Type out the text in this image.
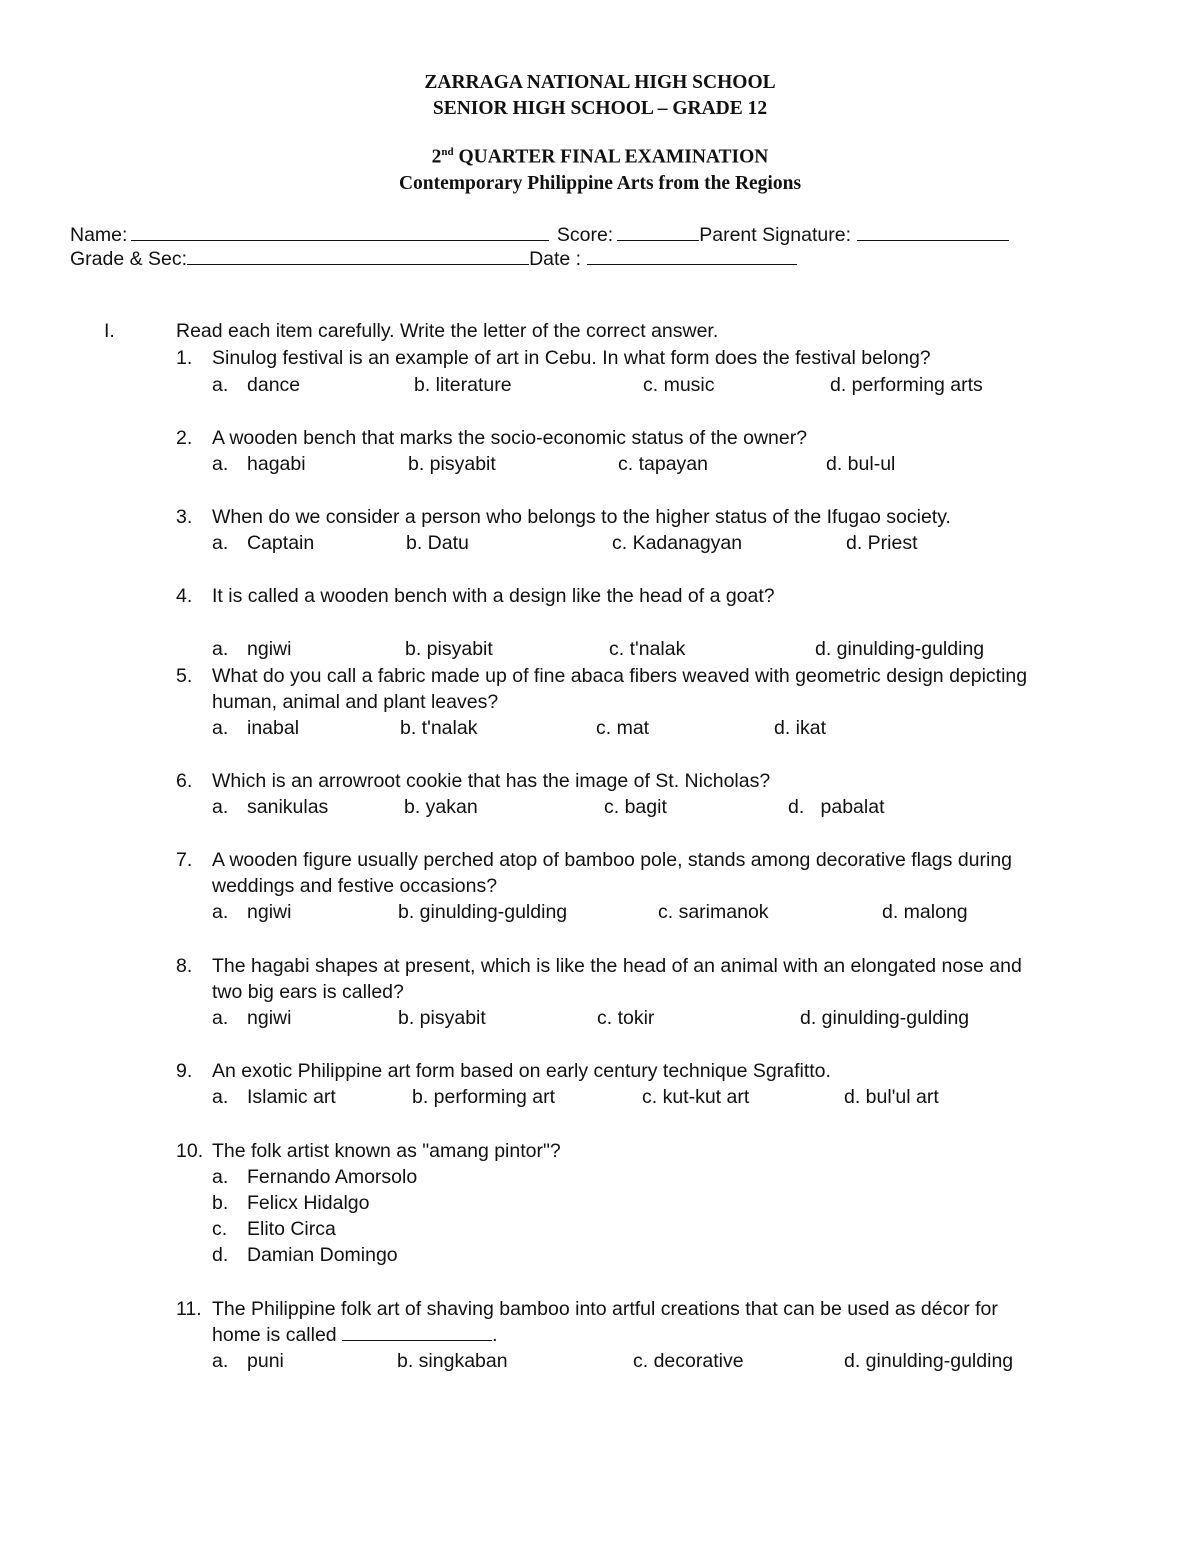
ZARRAGA NATIONAL HIGH SCHOOL
SENIOR HIGH SCHOOL – GRADE 12
2nd QUARTER FINAL EXAMINATION
Contemporary Philippine Arts from the Regions
Name:	Score:	Parent Signature:
Grade & Sec:	Date :
I.	Read each item carefully. Write the letter of the correct answer.
1. Sinulog festival is an example of art in Cebu. In what form does the festival belong?
a. dance	b. literature	c. music	d. performing arts
2. A wooden bench that marks the socio-economic status of the owner?
a. hagabi	b. pisyabit	c. tapayan	d. bul-ul
3. When do we consider a person who belongs to the higher status of the Ifugao society.
a. Captain	b. Datu	c. Kadanagyan	d. Priest
4. It is called a wooden bench with a design like the head of a goat?
a. ngiwi	b. pisyabit	c. t'nalak	d. ginulding-gulding
5. What do you call a fabric made up of fine abaca fibers weaved with geometric design depicting
human, animal and plant leaves?
a. inabal	b. t'nalak	c. mat	d. ikat
6. Which is an arrowroot cookie that has the image of St. Nicholas?
a. sanikulas	b. yakan	c. bagit	d.   pabalat
7. A wooden figure usually perched atop of bamboo pole, stands among decorative flags during
weddings and festive occasions?
a. ngiwi	b. ginulding-gulding	c. sarimanok	d. malong
8. The hagabi shapes at present, which is like the head of an animal with an elongated nose and
two big ears is called?
a. ngiwi	b. pisyabit	c. tokir	d. ginulding-gulding
9. An exotic Philippine art form based on early century technique Sgrafitto.
a. Islamic art	b. performing art	c. kut-kut art	d. bul'ul art
10. The folk artist known as "amang pintor"?
a. Fernando Amorsolo
b. Felicx Hidalgo
c. Elito Circa
d. Damian Domingo
11. The Philippine folk art of shaving bamboo into artful creations that can be used as décor for
home is called	.
a. puni	b. singkaban	c. decorative	d. ginulding-gulding
